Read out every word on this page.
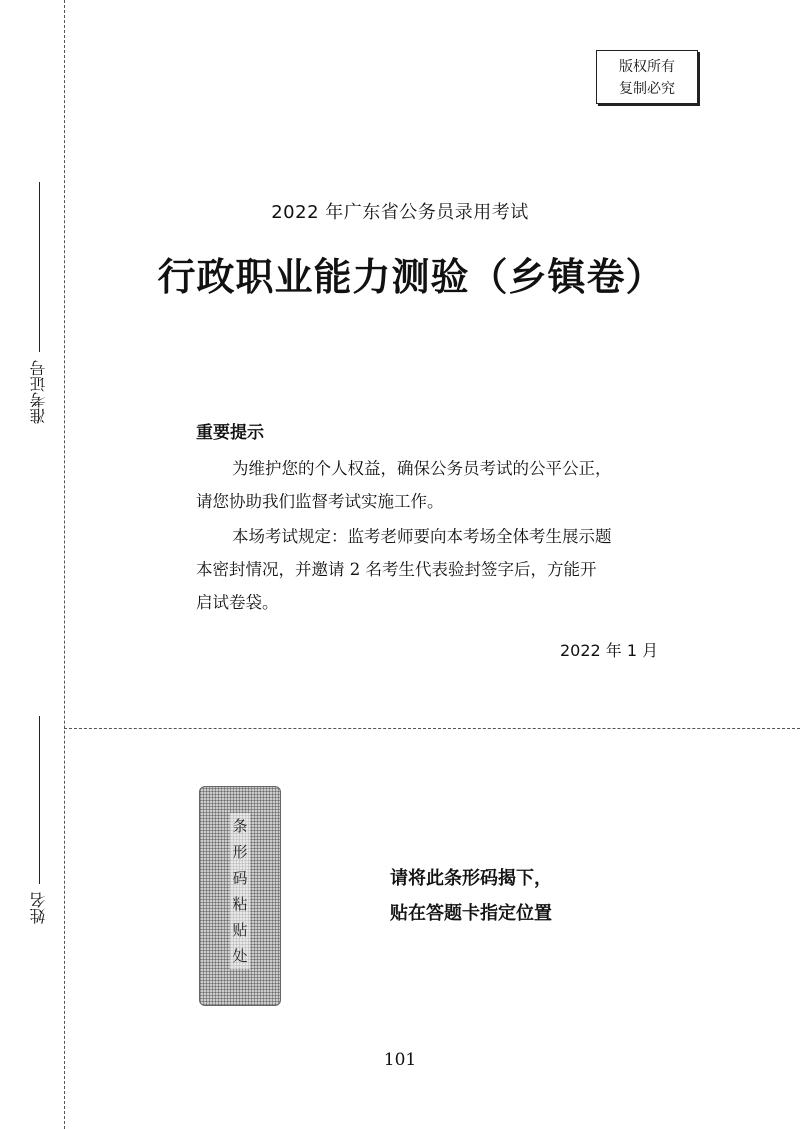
准考证号
姓名
版权所有
复制必究
2022 年广东省公务员录用考试
行政职业能力测验（乡镇卷）
重要提示
为维护您的个人权益，确保公务员考试的公平公正，
请您协助我们监督考试实施工作。
本场考试规定：监考老师要向本考场全体考生展示题
本密封情况，并邀请 2 名考生代表验封签字后，方能开
启试卷袋。
2022 年 1 月
条
形
码
粘
贴
处
请将此条形码揭下，
贴在答题卡指定位置
101
